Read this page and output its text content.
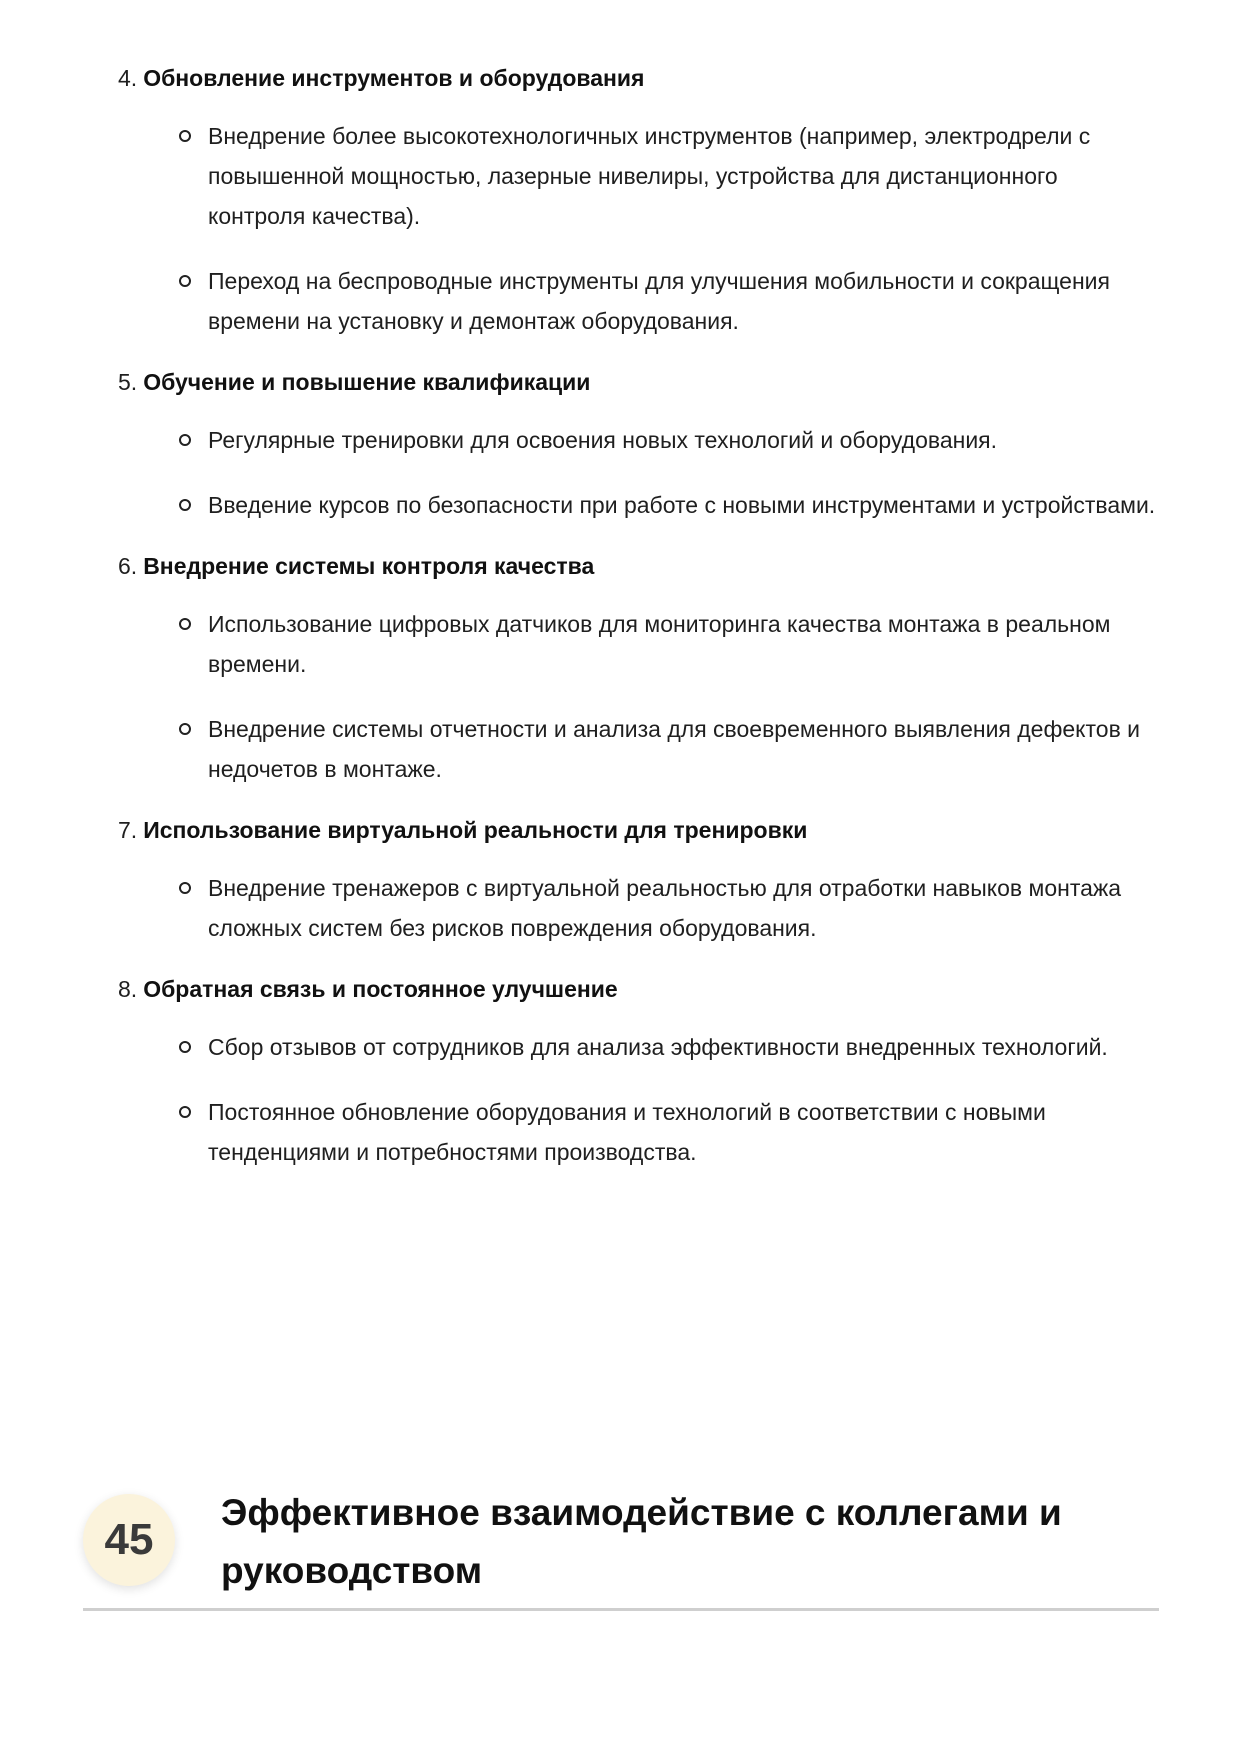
4. Обновление инструментов и оборудования
Внедрение более высокотехнологичных инструментов (например, электродрели с повышенной мощностью, лазерные нивелиры, устройства для дистанционного контроля качества).
Переход на беспроводные инструменты для улучшения мобильности и сокращения времени на установку и демонтаж оборудования.
5. Обучение и повышение квалификации
Регулярные тренировки для освоения новых технологий и оборудования.
Введение курсов по безопасности при работе с новыми инструментами и устройствами.
6. Внедрение системы контроля качества
Использование цифровых датчиков для мониторинга качества монтажа в реальном времени.
Внедрение системы отчетности и анализа для своевременного выявления дефектов и недочетов в монтаже.
7. Использование виртуальной реальности для тренировки
Внедрение тренажеров с виртуальной реальностью для отработки навыков монтажа сложных систем без рисков повреждения оборудования.
8. Обратная связь и постоянное улучшение
Сбор отзывов от сотрудников для анализа эффективности внедренных технологий.
Постоянное обновление оборудования и технологий в соответствии с новыми тенденциями и потребностями производства.
45
Эффективное взаимодействие с коллегами и руководством
